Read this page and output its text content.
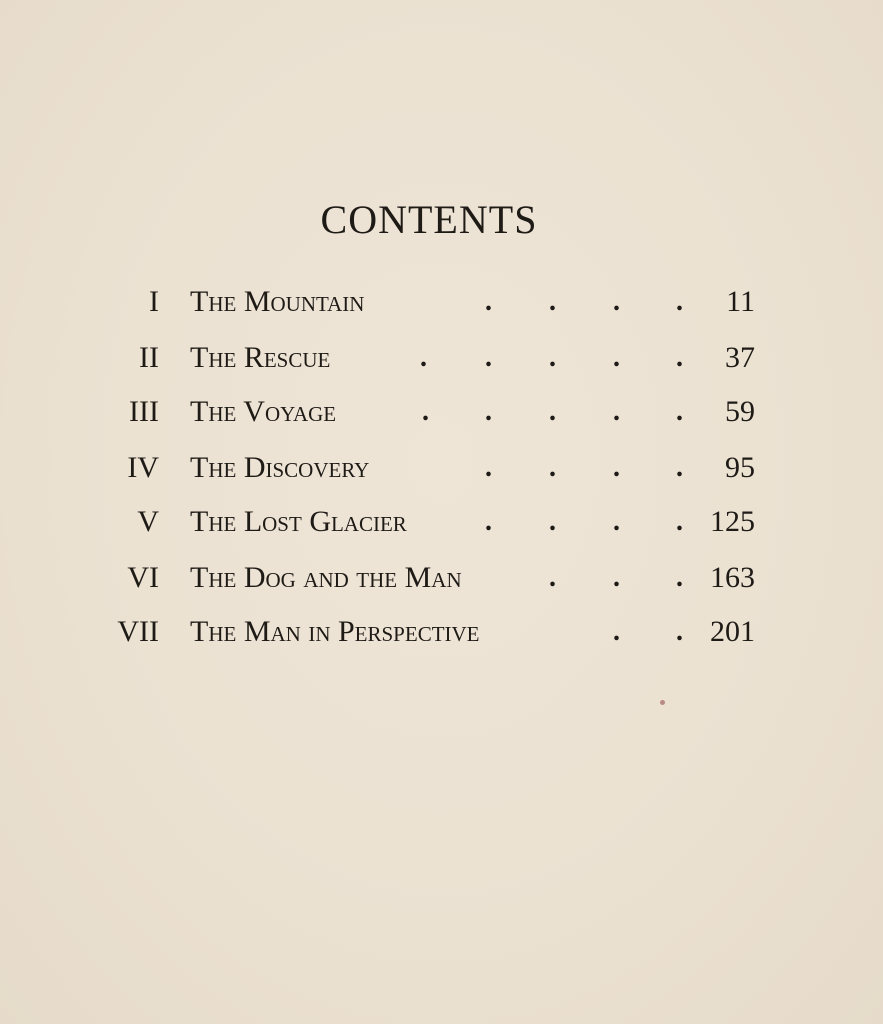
CONTENTS
I The Mountain	. . . . 11
II The Rescue	. . . . . 37
III The Voyage	. . . . . 59
IV The Discovery	. . . . 95
V The Lost Glacier	. . . . 125
VI The Dog and the Man	. . . 163
VII The Man in Perspective	. . 201
